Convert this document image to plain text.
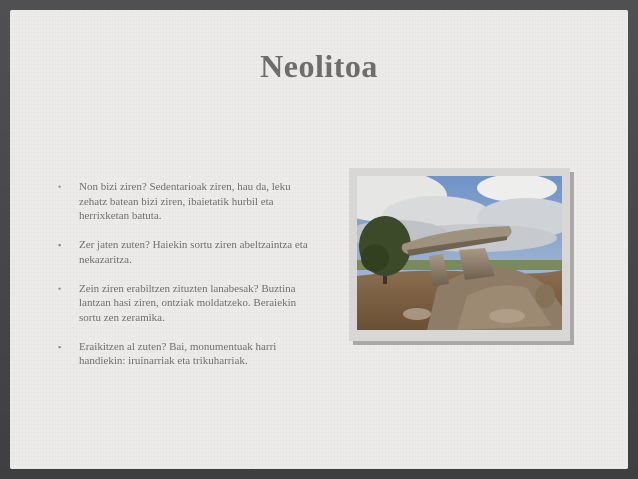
Neolitoa
• Non bizi ziren? Sedentarioak ziren, hau da, leku zehatz batean bizi ziren, ibaietatik hurbil eta herrixketan batuta.
▪ Zer jaten zuten? Haiekin sortu ziren abeltzaintza eta nekazaritza.
• Zein ziren erabiltzen zituzten lanabesak? Buztina lantzan hasi ziren, ontziak moldatzeko. Beraiekin sortu zen zeramika.
▪ Eraikitzen al zuten? Bai, monumentuak harri handiekin: iruinarriak eta trikuharriak.
